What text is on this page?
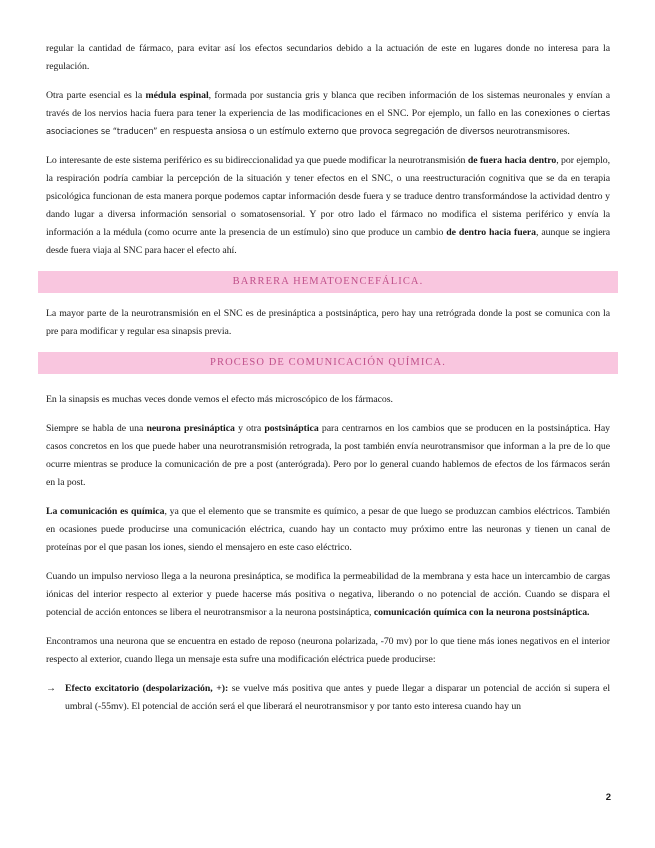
regular la cantidad de fármaco, para evitar así los efectos secundarios debido a la actuación de este en lugares donde no interesa para la regulación.

Otra parte esencial es la médula espinal, formada por sustancia gris y blanca que reciben información de los sistemas neuronales y envían a través de los nervios hacia fuera para tener la experiencia de las modificaciones en el SNC. Por ejemplo, un fallo en las conexiones o ciertas asociaciones se “traducen” en respuesta ansiosa o un estímulo externo que provoca segregación de diversos neurotransmisores.

Lo interesante de este sistema periférico es su bidireccionalidad ya que puede modificar la neurotransmisión de fuera hacia dentro, por ejemplo, la respiración podría cambiar la percepción de la situación y tener efectos en el SNC, o una reestructuración cognitiva que se da en terapia psicológica funcionan de esta manera porque podemos captar información desde fuera y se traduce dentro transformándose la actividad dentro y dando lugar a diversa información sensorial o somatosensorial. Y por otro lado el fármaco no modifica el sistema periférico y envía la información a la médula (como ocurre ante la presencia de un estímulo) sino que produce un cambio de dentro hacia fuera, aunque se ingiera desde fuera viaja al SNC para hacer el efecto ahí.

BARRERA HEMATOENCEFÁLICA.

La mayor parte de la neurotransmisión en el SNC es de presináptica a postsináptica, pero hay una retrógrada donde la post se comunica con la pre para modificar y regular esa sinapsis previa.

PROCESO DE COMUNICACIÓN QUÍMICA.

En la sinapsis es muchas veces donde vemos el efecto más microscópico de los fármacos.

Siempre se habla de una neurona presináptica y otra postsináptica para centrarnos en los cambios que se producen en la postsináptica. Hay casos concretos en los que puede haber una neurotransmisión retrograda, la post también envía neurotransmisor que informan a la pre de lo que ocurre mientras se produce la comunicación de pre a post (anterógrada). Pero por lo general cuando hablemos de efectos de los fármacos serán en la post.

La comunicación es química, ya que el elemento que se transmite es químico, a pesar de que luego se produzcan cambios eléctricos. También en ocasiones puede producirse una comunicación eléctrica, cuando hay un contacto muy próximo entre las neuronas y tienen un canal de proteínas por el que pasan los iones, siendo el mensajero en este caso eléctrico.

Cuando un impulso nervioso llega a la neurona presináptica, se modifica la permeabilidad de la membrana y esta hace un intercambio de cargas iónicas del interior respecto al exterior y puede hacerse más positiva o negativa, liberando o no potencial de acción. Cuando se dispara el potencial de acción entonces se libera el neurotransmisor a la neurona postsináptica, comunicación química con la neurona postsináptica.

Encontramos una neurona que se encuentra en estado de reposo (neurona polarizada, -70 mv) por lo que tiene más iones negativos en el interior respecto al exterior, cuando llega un mensaje esta sufre una modificación eléctrica puede producirse:

→ Efecto excitatorio (despolarización, +): se vuelve más positiva que antes y puede llegar a disparar un potencial de acción si supera el umbral (-55mv). El potencial de acción será el que liberará el neurotransmisor y por tanto esto interesa cuando hay un

2
